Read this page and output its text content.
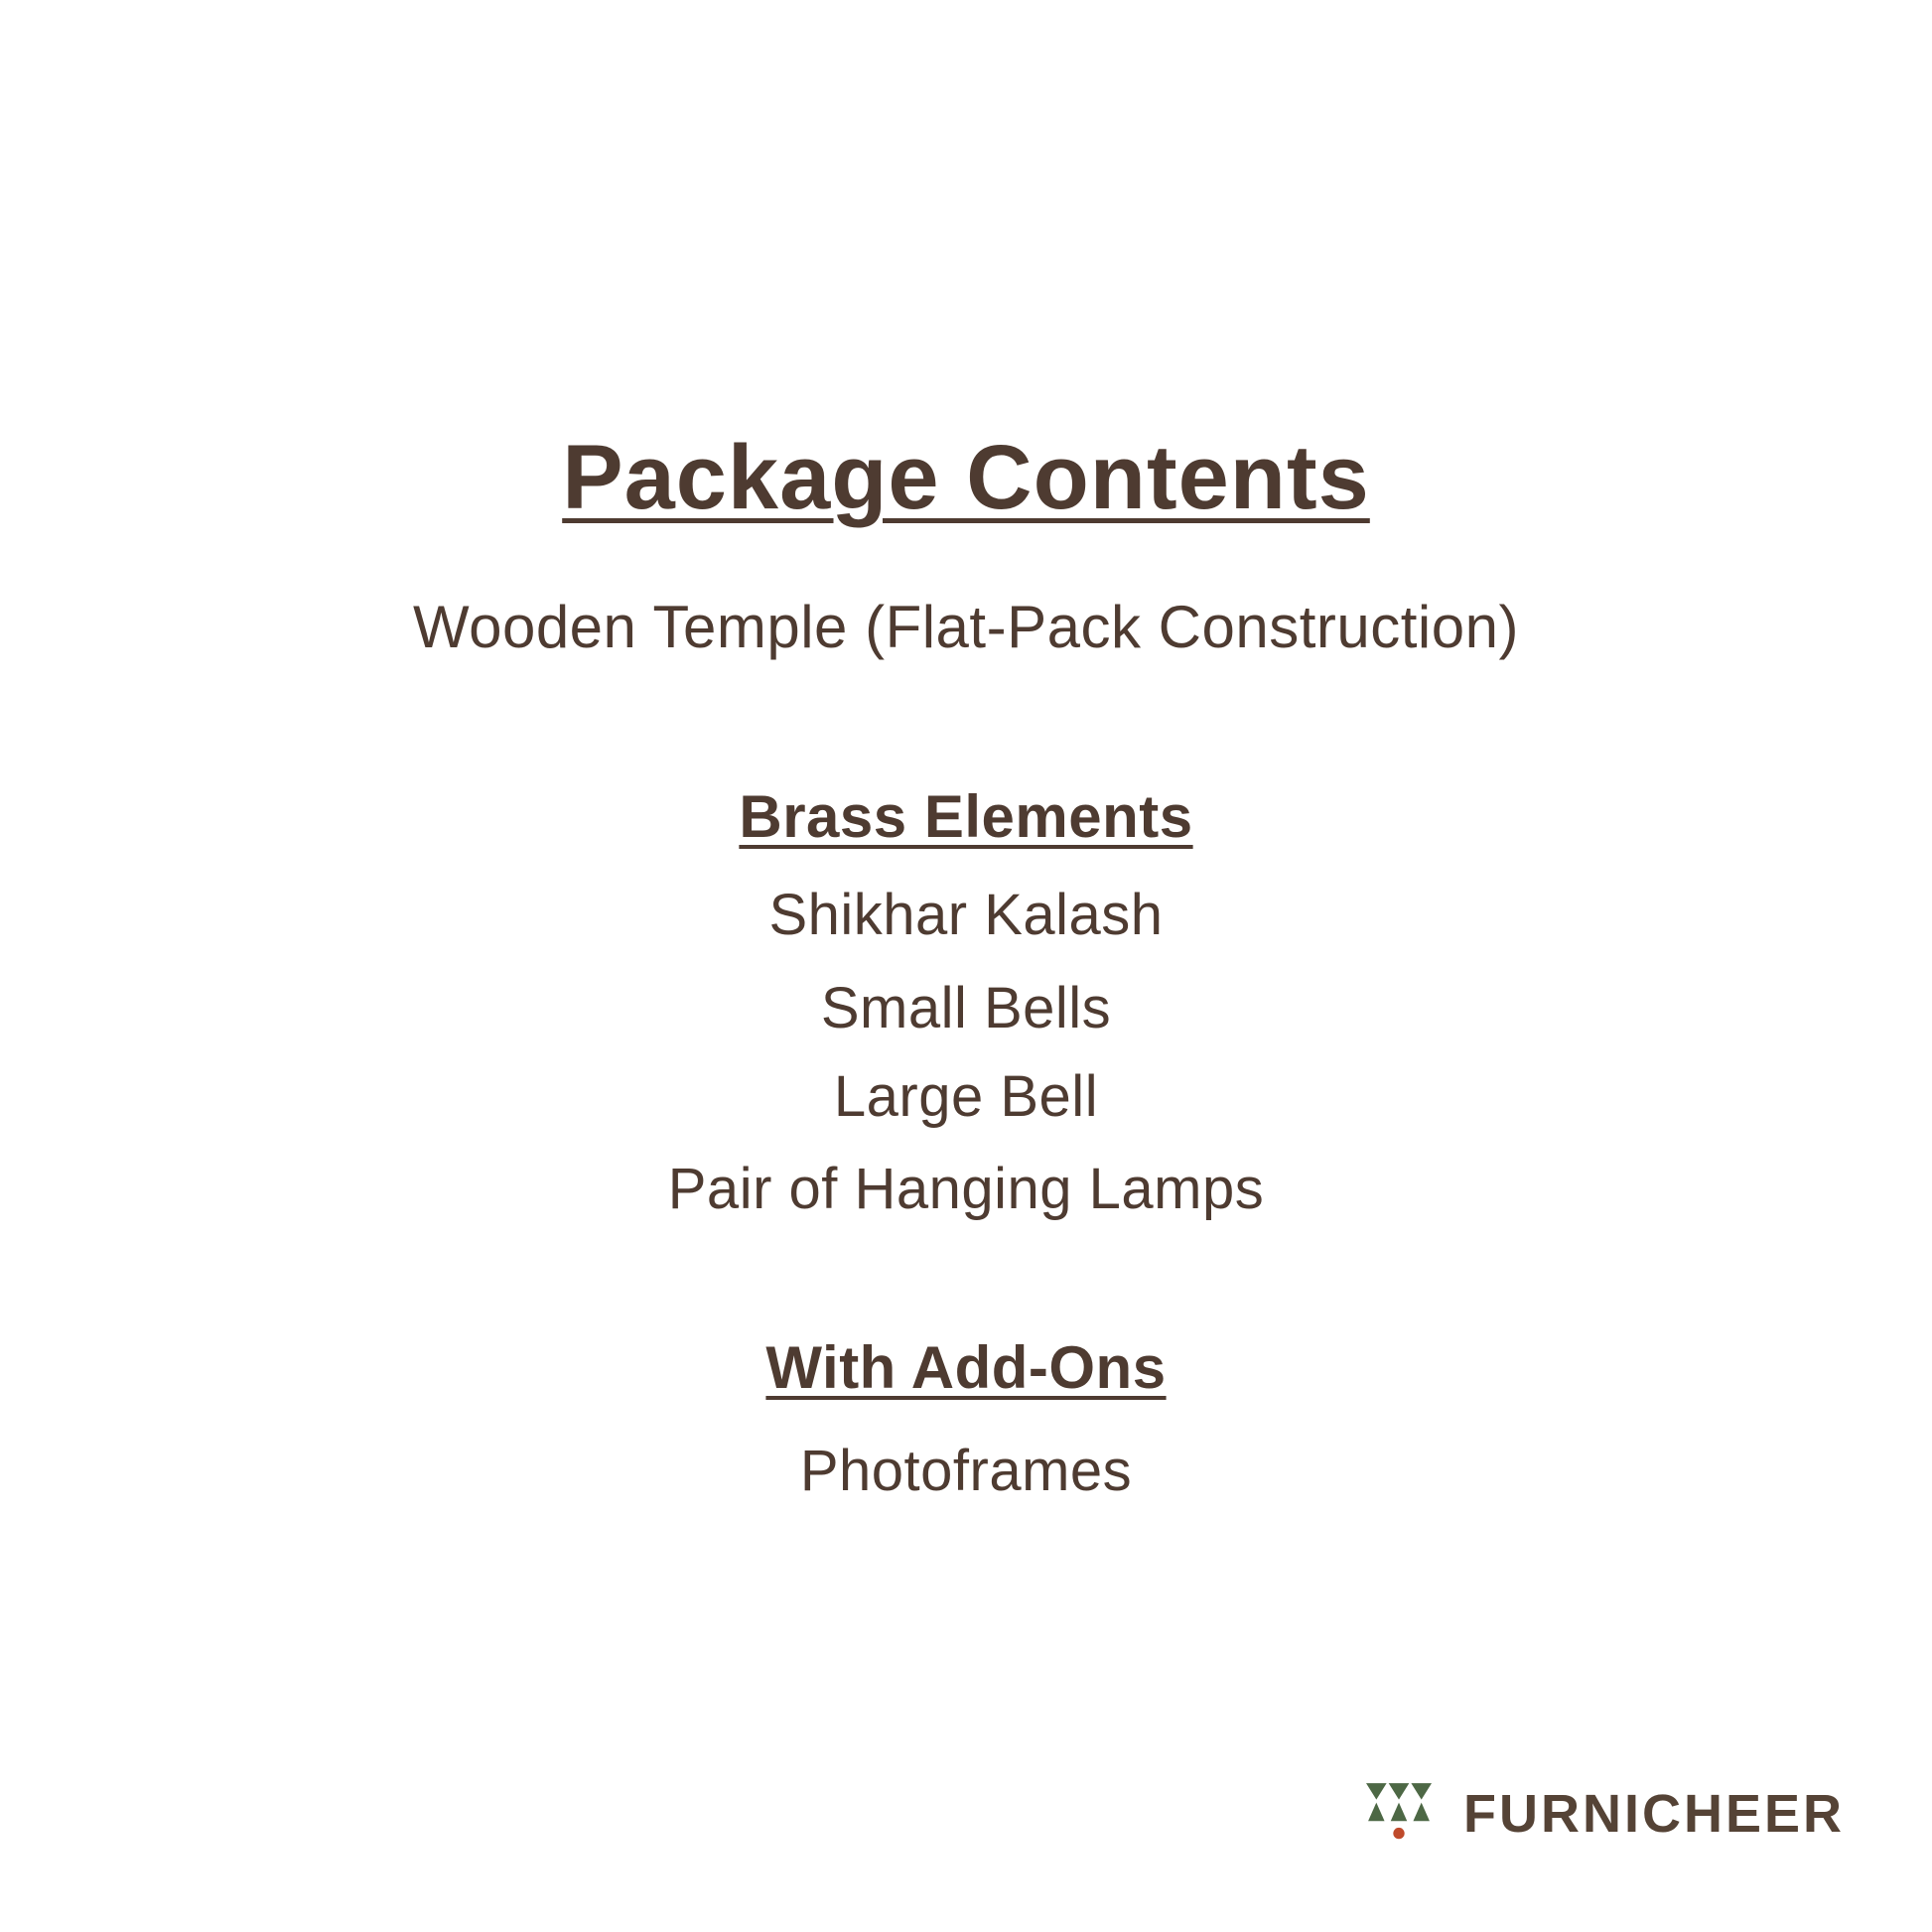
Package Contents
Wooden Temple (Flat-Pack Construction)
Brass Elements
Shikhar Kalash
Small Bells
Large Bell
Pair of Hanging Lamps
With Add-Ons
Photoframes
FURNICHEER
